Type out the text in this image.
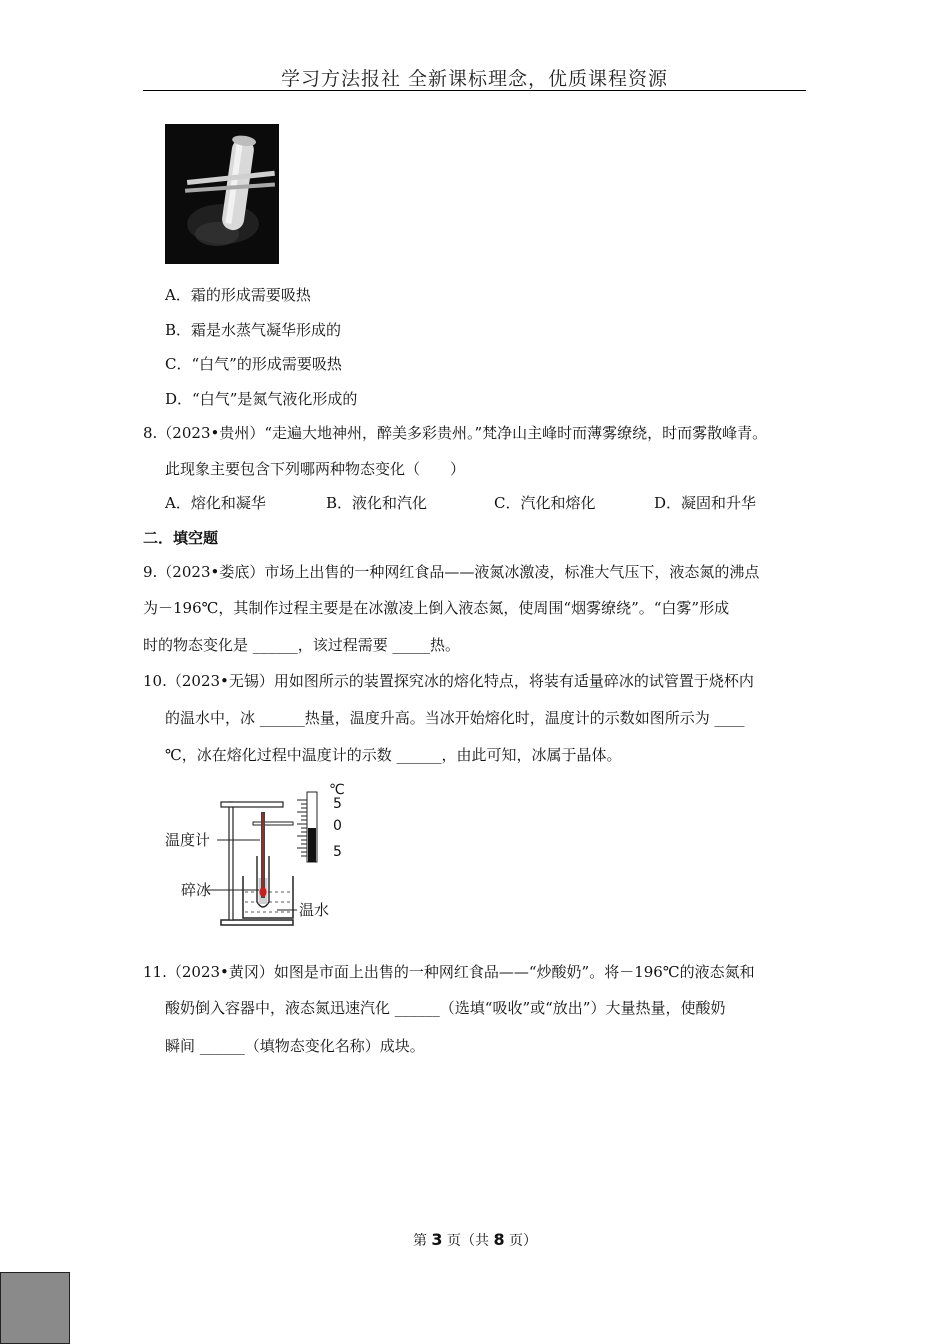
学习方法报社 全新课标理念，优质课程资源
A．霜的形成需要吸热
B．霜是水蒸气凝华形成的
C．“白气”的形成需要吸热
D．“白气”是氮气液化形成的
8.（2023•贵州）“走遍大地神州，醉美多彩贵州。”梵净山主峰时而薄雾缭绕，时而雾散峰青。
此现象主要包含下列哪两种物态变化（　　）
A．熔化和凝华	B．液化和汽化	C．汽化和熔化	D．凝固和升华
二．填空题
9.（2023•娄底）市场上出售的一种网红食品——液氮冰激凌，标准大气压下，液态氮的沸点
为－196℃，其制作过程主要是在冰激凌上倒入液态氮，使周围“烟雾缭绕”。“白雾”形成
时的物态变化是 ______，该过程需要 _____热。
10.（2023•无锡）用如图所示的装置探究冰的熔化特点，将装有适量碎冰的试管置于烧杯内
的温水中，冰 ______热量，温度升高。当冰开始熔化时，温度计的示数如图所示为 ____
℃，冰在熔化过程中温度计的示数 ______，由此可知，冰属于晶体。
温度计
碎冰
温水
℃
5
0
5
11.（2023•黄冈）如图是市面上出售的一种网红食品——“炒酸奶”。将－196℃的液态氮和
酸奶倒入容器中，液态氮迅速汽化 ______（选填“吸收”或“放出”）大量热量，使酸奶
瞬间 ______（填物态变化名称）成块。
第 3 页（共 8 页）
